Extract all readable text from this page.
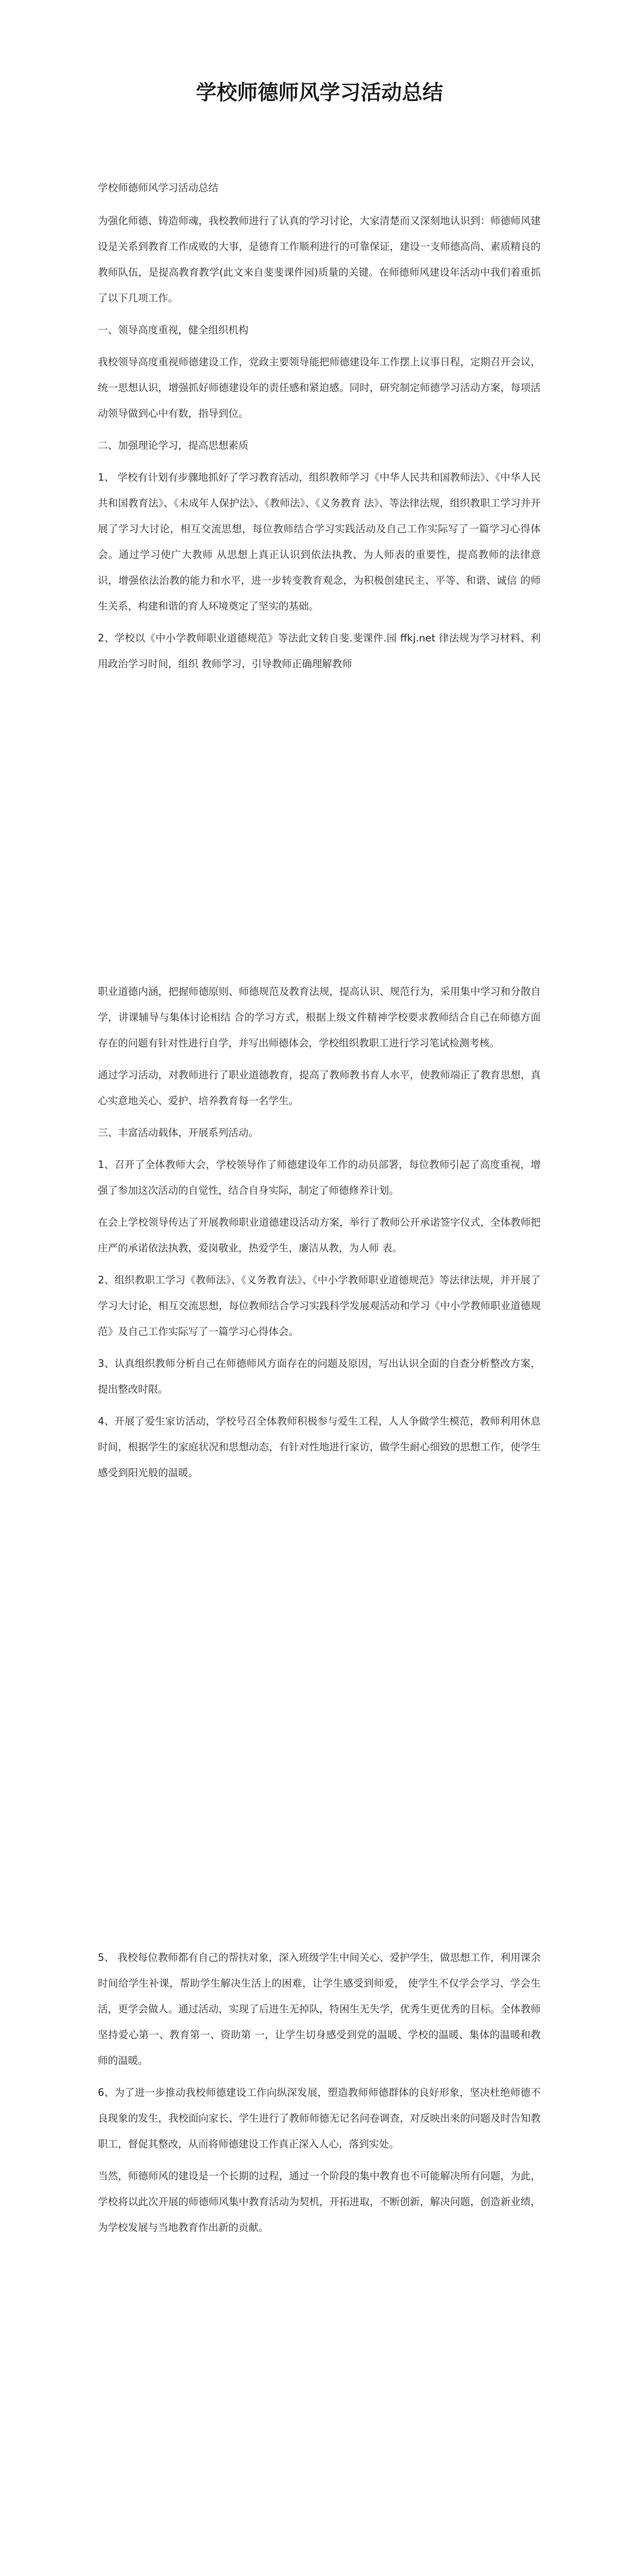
学校师德师风学习活动总结

学校师德师风学习活动总结

为强化师德、铸造师魂，我校教师进行了认真的学习讨论，大家清楚而又深刻地认识到：师德师风建设是关系到教育工作成败的大事，是德育工作顺利进行的可靠保证，建设一支师德高尚、素质精良的教师队伍，是提高教育教学(此文来自斐斐课件园)质量的关键。在师德师风建设年活动中我们着重抓了以下几项工作。

一、领导高度重视，健全组织机构

我校领导高度重视师德建设工作，党政主要领导能把师德建设年工作摆上议事日程，定期召开会议，统一思想认识，增强抓好师德建设年的责任感和紧迫感。同时，研究制定师德学习活动方案，每项活动领导做到心中有数，指导到位。

二、加强理论学习，提高思想素质

1、 学校有计划有步骤地抓好了学习教育活动，组织教师学习《中华人民共和国教师法》、《中华人民共和国教育法》、《未成年人保护法》、《教师法》、《义务教育 法》、等法律法规，组织教职工学习并开展了学习大讨论，相互交流思想，每位教师结合学习实践活动及自己工作实际写了一篇学习心得体会。通过学习使广大教师 从思想上真正认识到依法执教、为人师表的重要性，提高教师的法律意识，增强依法治教的能力和水平，进一步转变教育观念，为积极创建民主、平等、和谐、诚信 的师生关系，构建和谐的育人环境奠定了坚实的基础。

2、学校以《中小学教师职业道德规范》等法此文转自斐.斐课件.园 ffkj.net 律法规为学习材料、利用政治学习时间，组织 教师学习，引导教师正确理解教师

职业道德内涵，把握师德原则、师德规范及教育法规，提高认识、规范行为，采用集中学习和分散自学，讲课辅导与集体讨论相结 合的学习方式，根据上级文件精神学校要求教师结合自己在师德方面存在的问题有针对性进行自学，并写出师德体会，学校组织教职工进行学习笔试检测考核。

通过学习活动，对教师进行了职业道德教育，提高了教师教书育人水平，使教师端正了教育思想，真心实意地关心、爱护、培养教育每一名学生。

三、丰富活动载体，开展系列活动。

1、召开了全体教师大会，学校领导作了师德建设年工作的动员部署，每位教师引起了高度重视，增强了参加这次活动的自觉性，结合自身实际，制定了师德修养计划。

在会上学校领导传达了开展教师职业道德建设活动方案，举行了教师公开承诺签字仪式，全体教师把庄严的承诺依法执教，爱岗敬业，热爱学生，廉洁从教，为人师 表。

2、组织教职工学习《教师法》、《义务教育法》、《中小学教师职业道德规范》等法律法规，并开展了学习大讨论，相互交流思想，每位教师结合学习实践科学发展观活动和学习《中小学教师职业道德规范》及自己工作实际写了一篇学习心得体会。

3、认真组织教师分析自己在师德师风方面存在的问题及原因，写出认识全面的自查分析整改方案，提出整改时限。

4、开展了爱生家访活动，学校号召全体教师积极参与爱生工程，人人争做学生模范，教师利用休息时间，根据学生的家庭状况和思想动态，有针对性地进行家访，做学生耐心细致的思想工作，使学生感受到阳光般的温暖。

5、 我校每位教师都有自己的帮扶对象，深入班级学生中间关心、爱护学生，做思想工作，利用课余时间给学生补课，帮助学生解决生活上的困难，让学生感受到师爱， 使学生不仅学会学习、学会生活，更学会做人。通过活动，实现了后进生无掉队，特困生无失学，优秀生更优秀的目标。全体教师坚持爱心第一、教育第一、资助第 一，让学生切身感受到党的温暖、学校的温暖、集体的温暖和教师的温暖。

6、为了进一步推动我校师德建设工作向纵深发展，塑造教师师德群体的良好形象，坚决杜绝师德不良现象的发生，我校面向家长、学生进行了教师师德无记名问卷调查，对反映出来的问题及时告知教职工，督促其整改，从而将师德建设工作真正深入人心，落到实处。

当然，师德师风的建设是一个长期的过程，通过一个阶段的集中教育也不可能解决所有问题，为此，学校将以此次开展的师德师风集中教育活动为契机，开拓进取，不断创新，解决问题，创造新业绩，为学校发展与当地教育作出新的贡献。
